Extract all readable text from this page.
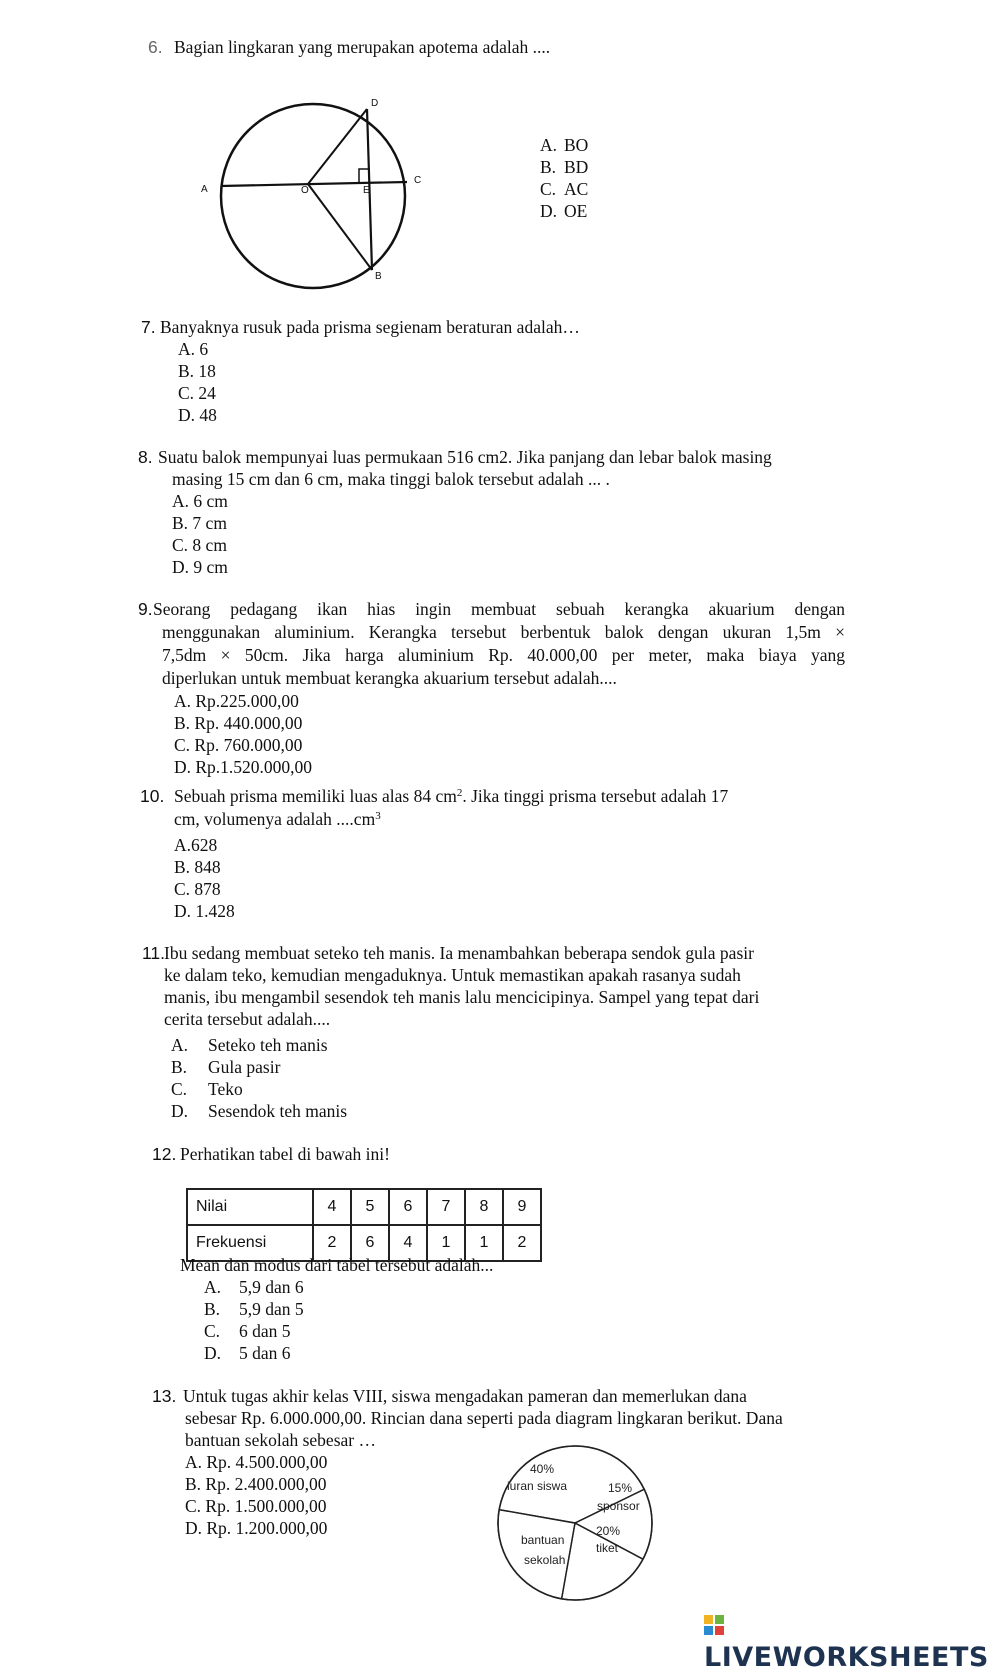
6. Bagian lingkaran yang merupakan apotema adalah ....
D
A	O	E
C
B
A. BO
B. BD
C. AC
D. OE
7. Banyaknya rusuk pada prisma segienam beraturan adalah…
A. 6
B. 18
C. 24
D. 48
8. Suatu balok mempunyai luas permukaan 516 cm2. Jika panjang dan lebar balok masing
masing 15 cm dan 6 cm, maka tinggi balok tersebut adalah ... .
A. 6 cm
B. 7 cm
C. 8 cm
D. 9 cm
9. Seorang pedagang ikan hias ingin membuat sebuah kerangka akuarium dengan
menggunakan aluminium. Kerangka tersebut berbentuk balok dengan ukuran 1,5m ×
7,5dm × 50cm. Jika harga aluminium Rp. 40.000,00 per meter, maka biaya yang
diperlukan untuk membuat kerangka akuarium tersebut adalah....
A. Rp.225.000,00
B. Rp. 440.000,00
C. Rp. 760.000,00
D. Rp.1.520.000,00
10. Sebuah prisma memiliki luas alas 84 $cm^2$. Jika tinggi prisma tersebut adalah 17
cm, volumenya adalah $....cm^3$
A.628
B. 848
C. 878
D. 1.428
11.
Ibu sedang membuat seteko teh manis. Ia menambahkan beberapa sendok gula pasir
ke dalam teko, kemudian mengaduknya. Untuk memastikan apakah rasanya sudah
manis, ibu mengambil sesendok teh manis lalu mencicipinya. Sampel yang tepat dari
cerita tersebut adalah....
A. Seteko teh manis
B. Gula pasir
C. Teko
D. Sesendok teh manis
12. Perhatikan tabel di bawah ini!
Nilai	4	5	6	7	8	9
Frekuensi	2	6	4	1	1	2
Mean dan modus dari tabel tersebut adalah...
A. 5,9 dan 6
B. 5,9 dan 5
C. 6 dan 5
D. 5 dan 6
13. Untuk tugas akhir kelas VIII, siswa mengadakan pameran dan memerlukan dana
sebesar Rp. 6.000.000,00. Rincian dana seperti pada diagram lingkaran berikut. Dana
bantuan sekolah sebesar …
A. Rp. 4.500.000,00
B. Rp. 2.400.000,00
C. Rp. 1.500.000,00
D. Rp. 1.200.000,00
40%
iuran siswa	15%
sponsor
20%
tiket
bantuan
sekolah
LIVEWORKSHEETS
